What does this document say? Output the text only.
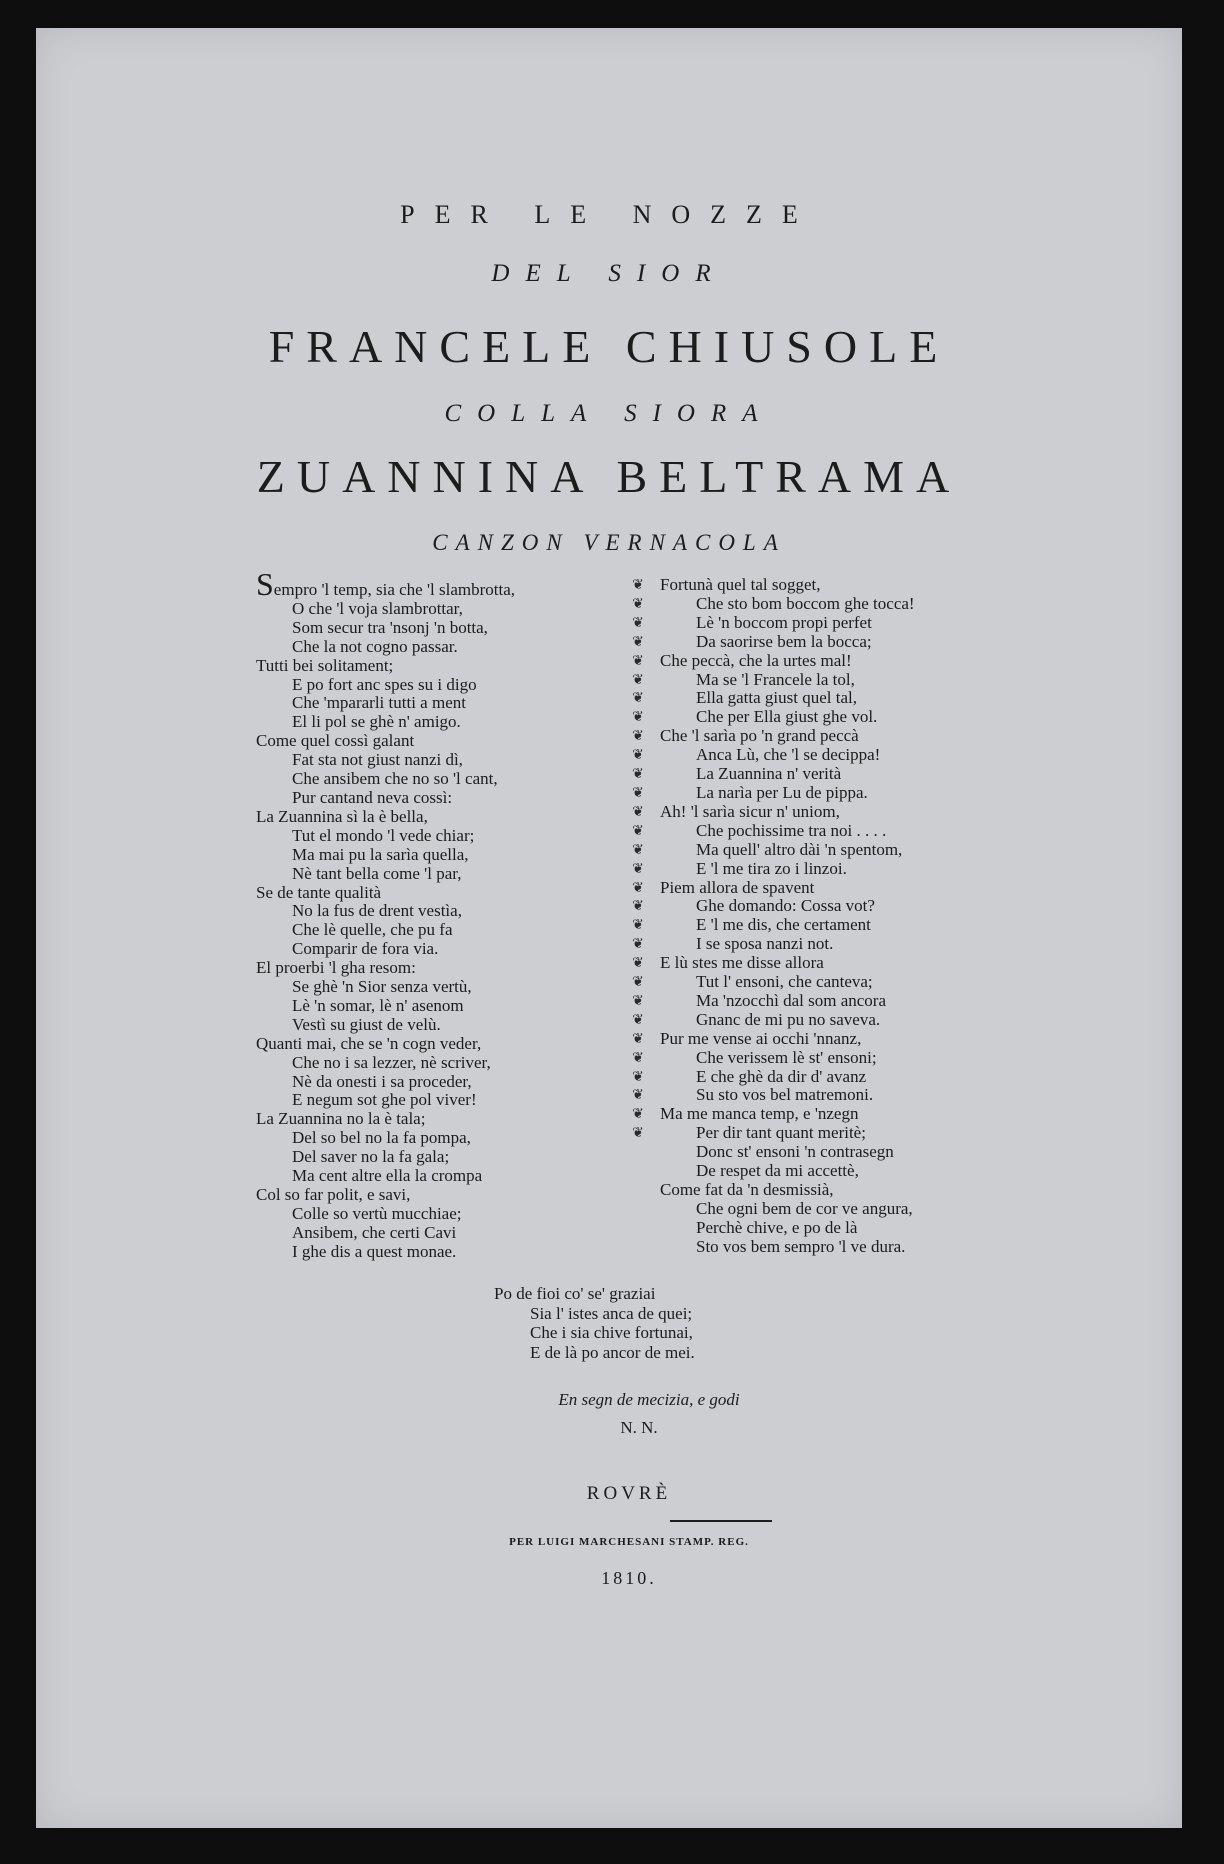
PER LE NOZZE
DEL SIOR
FRANCELE CHIUSOLE
COLLA SIORA
ZUANNINA BELTRAMA
CANZON VERNACOLA
Sempro 'l temp, sia che 'l slambrotta,
O che 'l voja slambrottar,
Som secur tra 'nsonj 'n botta,
Che la not cogno passar.
Tutti bei solitament;
E po fort anc spes su i digo
Che 'mpararli tutti a ment
El li pol se ghè n' amigo.
Come quel cossì galant
Fat sta not giust nanzi dì,
Che ansibem che no so 'l cant,
Pur cantand neva cossì:
La Zuannina sì la è bella,
Tut el mondo 'l vede chiar;
Ma mai pu la sarìa quella,
Nè tant bella come 'l par,
Se de tante qualità
No la fus de drent vestìa,
Che lè quelle, che pu fa
Comparir de fora via.
El proerbi 'l gha resom:
Se ghè 'n Sior senza vertù,
Lè 'n somar, lè n' asenom
Vestì su giust de velù.
Quanti mai, che se 'n cogn veder,
Che no i sa lezzer, nè scriver,
Nè da onesti i sa proceder,
E negum sot ghe pol viver!
La Zuannina no la è tala;
Del so bel no la fa pompa,
Del saver no la fa gala;
Ma cent altre ella la crompa
Col so far polit, e savi,
Colle so vertù mucchiae;
Ansibem, che certi Cavi
I ghe dis a quest monae.
❦
❦
❦
❦
❦
❦
❦
❦
❦
❦
❦
❦
❦
❦
❦
❦
❦
❦
❦
❦
❦
❦
❦
❦
❦
❦
❦
❦
❦
❦
Fortunà quel tal sogget,
Che sto bom boccom ghe tocca!
Lè 'n boccom propi perfet
Da saorirse bem la bocca;
Che peccà, che la urtes mal!
Ma se 'l Francele la tol,
Ella gatta giust quel tal,
Che per Ella giust ghe vol.
Che 'l sarìa po 'n grand peccà
Anca Lù, che 'l se decippa!
La Zuannina n' verità
La narìa per Lu de pippa.
Ah! 'l sarìa sicur n' uniom,
Che pochissime tra noi . . . .
Ma quell' altro dài 'n spentom,
E 'l me tira zo i linzoi.
Piem allora de spavent
Ghe domando: Cossa vot?
E 'l me dis, che certament
I se sposa nanzi not.
E lù stes me disse allora
Tut l' ensoni, che canteva;
Ma 'nzocchì dal som ancora
Gnanc de mi pu no saveva.
Pur me vense ai occhi 'nnanz,
Che verissem lè st' ensoni;
E che ghè da dir d' avanz
Su sto vos bel matremoni.
Ma me manca temp, e 'nzegn
Per dir tant quant meritè;
Donc st' ensoni 'n contrasegn
De respet da mi accettè,
Come fat da 'n desmissià,
Che ogni bem de cor ve angura,
Perchè chive, e po de là
Sto vos bem sempro 'l ve dura.
Po de fioi co' se' graziai
Sia l' istes anca de quei;
Che i sia chive fortunai,
E de là po ancor de mei.
En segn de mecizia, e godi
N. N.
ROVRÈ
PER LUIGI MARCHESANI STAMP. REG.
1810.
